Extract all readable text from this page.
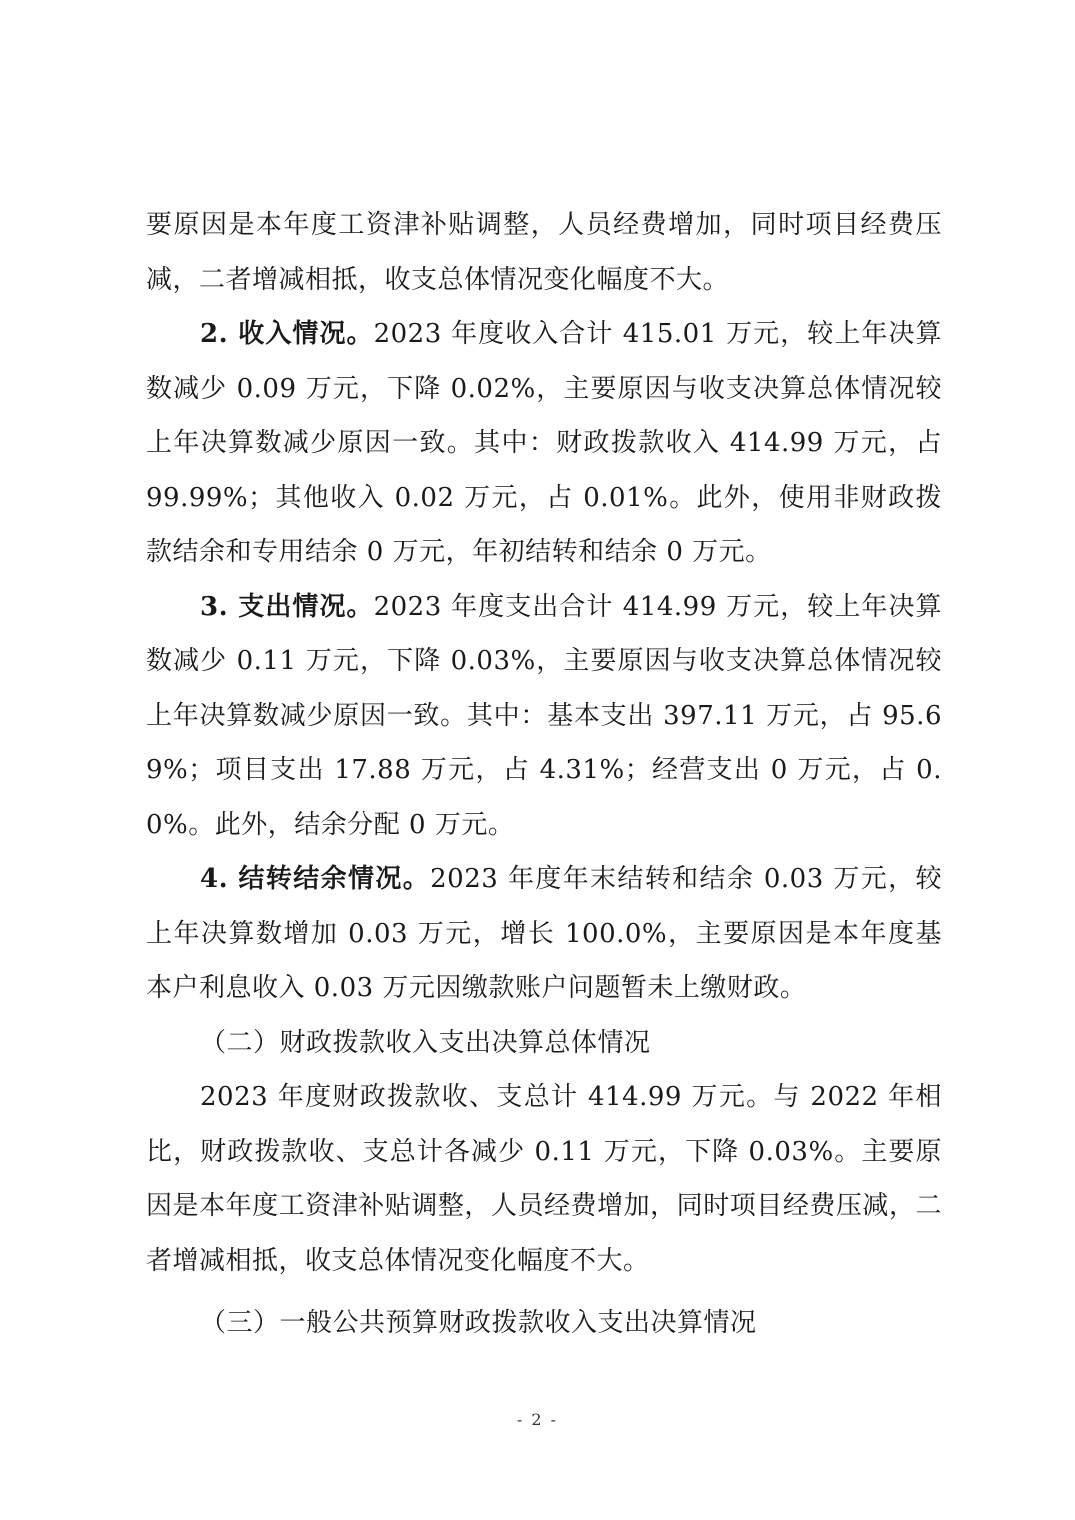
要原因是本年度工资津补贴调整，人员经费增加，同时项目经费压减，二者增减相抵，收支总体情况变化幅度不大。

2. 收入情况。2023 年度收入合计 415.01 万元，较上年决算数减少 0.09 万元，下降 0.02%，主要原因与收支决算总体情况较上年决算数减少原因一致。其中：财政拨款收入 414.99 万元，占 99.99%；其他收入 0.02 万元，占 0.01%。此外，使用非财政拨款结余和专用结余 0 万元，年初结转和结余 0 万元。

3. 支出情况。2023 年度支出合计 414.99 万元，较上年决算数减少 0.11 万元，下降 0.03%，主要原因与收支决算总体情况较上年决算数减少原因一致。其中：基本支出 397.11 万元，占 95.69%；项目支出 17.88 万元，占 4.31%；经营支出 0 万元，占 0.0%。此外，结余分配 0 万元。

4. 结转结余情况。2023 年度年末结转和结余 0.03 万元，较上年决算数增加 0.03 万元，增长 100.0%，主要原因是本年度基本户利息收入 0.03 万元因缴款账户问题暂未上缴财政。

（二）财政拨款收入支出决算总体情况

2023 年度财政拨款收、支总计 414.99 万元。与 2022 年相比，财政拨款收、支总计各减少 0.11 万元，下降 0.03%。主要原因是本年度工资津补贴调整，人员经费增加，同时项目经费压减，二者增减相抵，收支总体情况变化幅度不大。

（三）一般公共预算财政拨款收入支出决算情况

- 2 -
